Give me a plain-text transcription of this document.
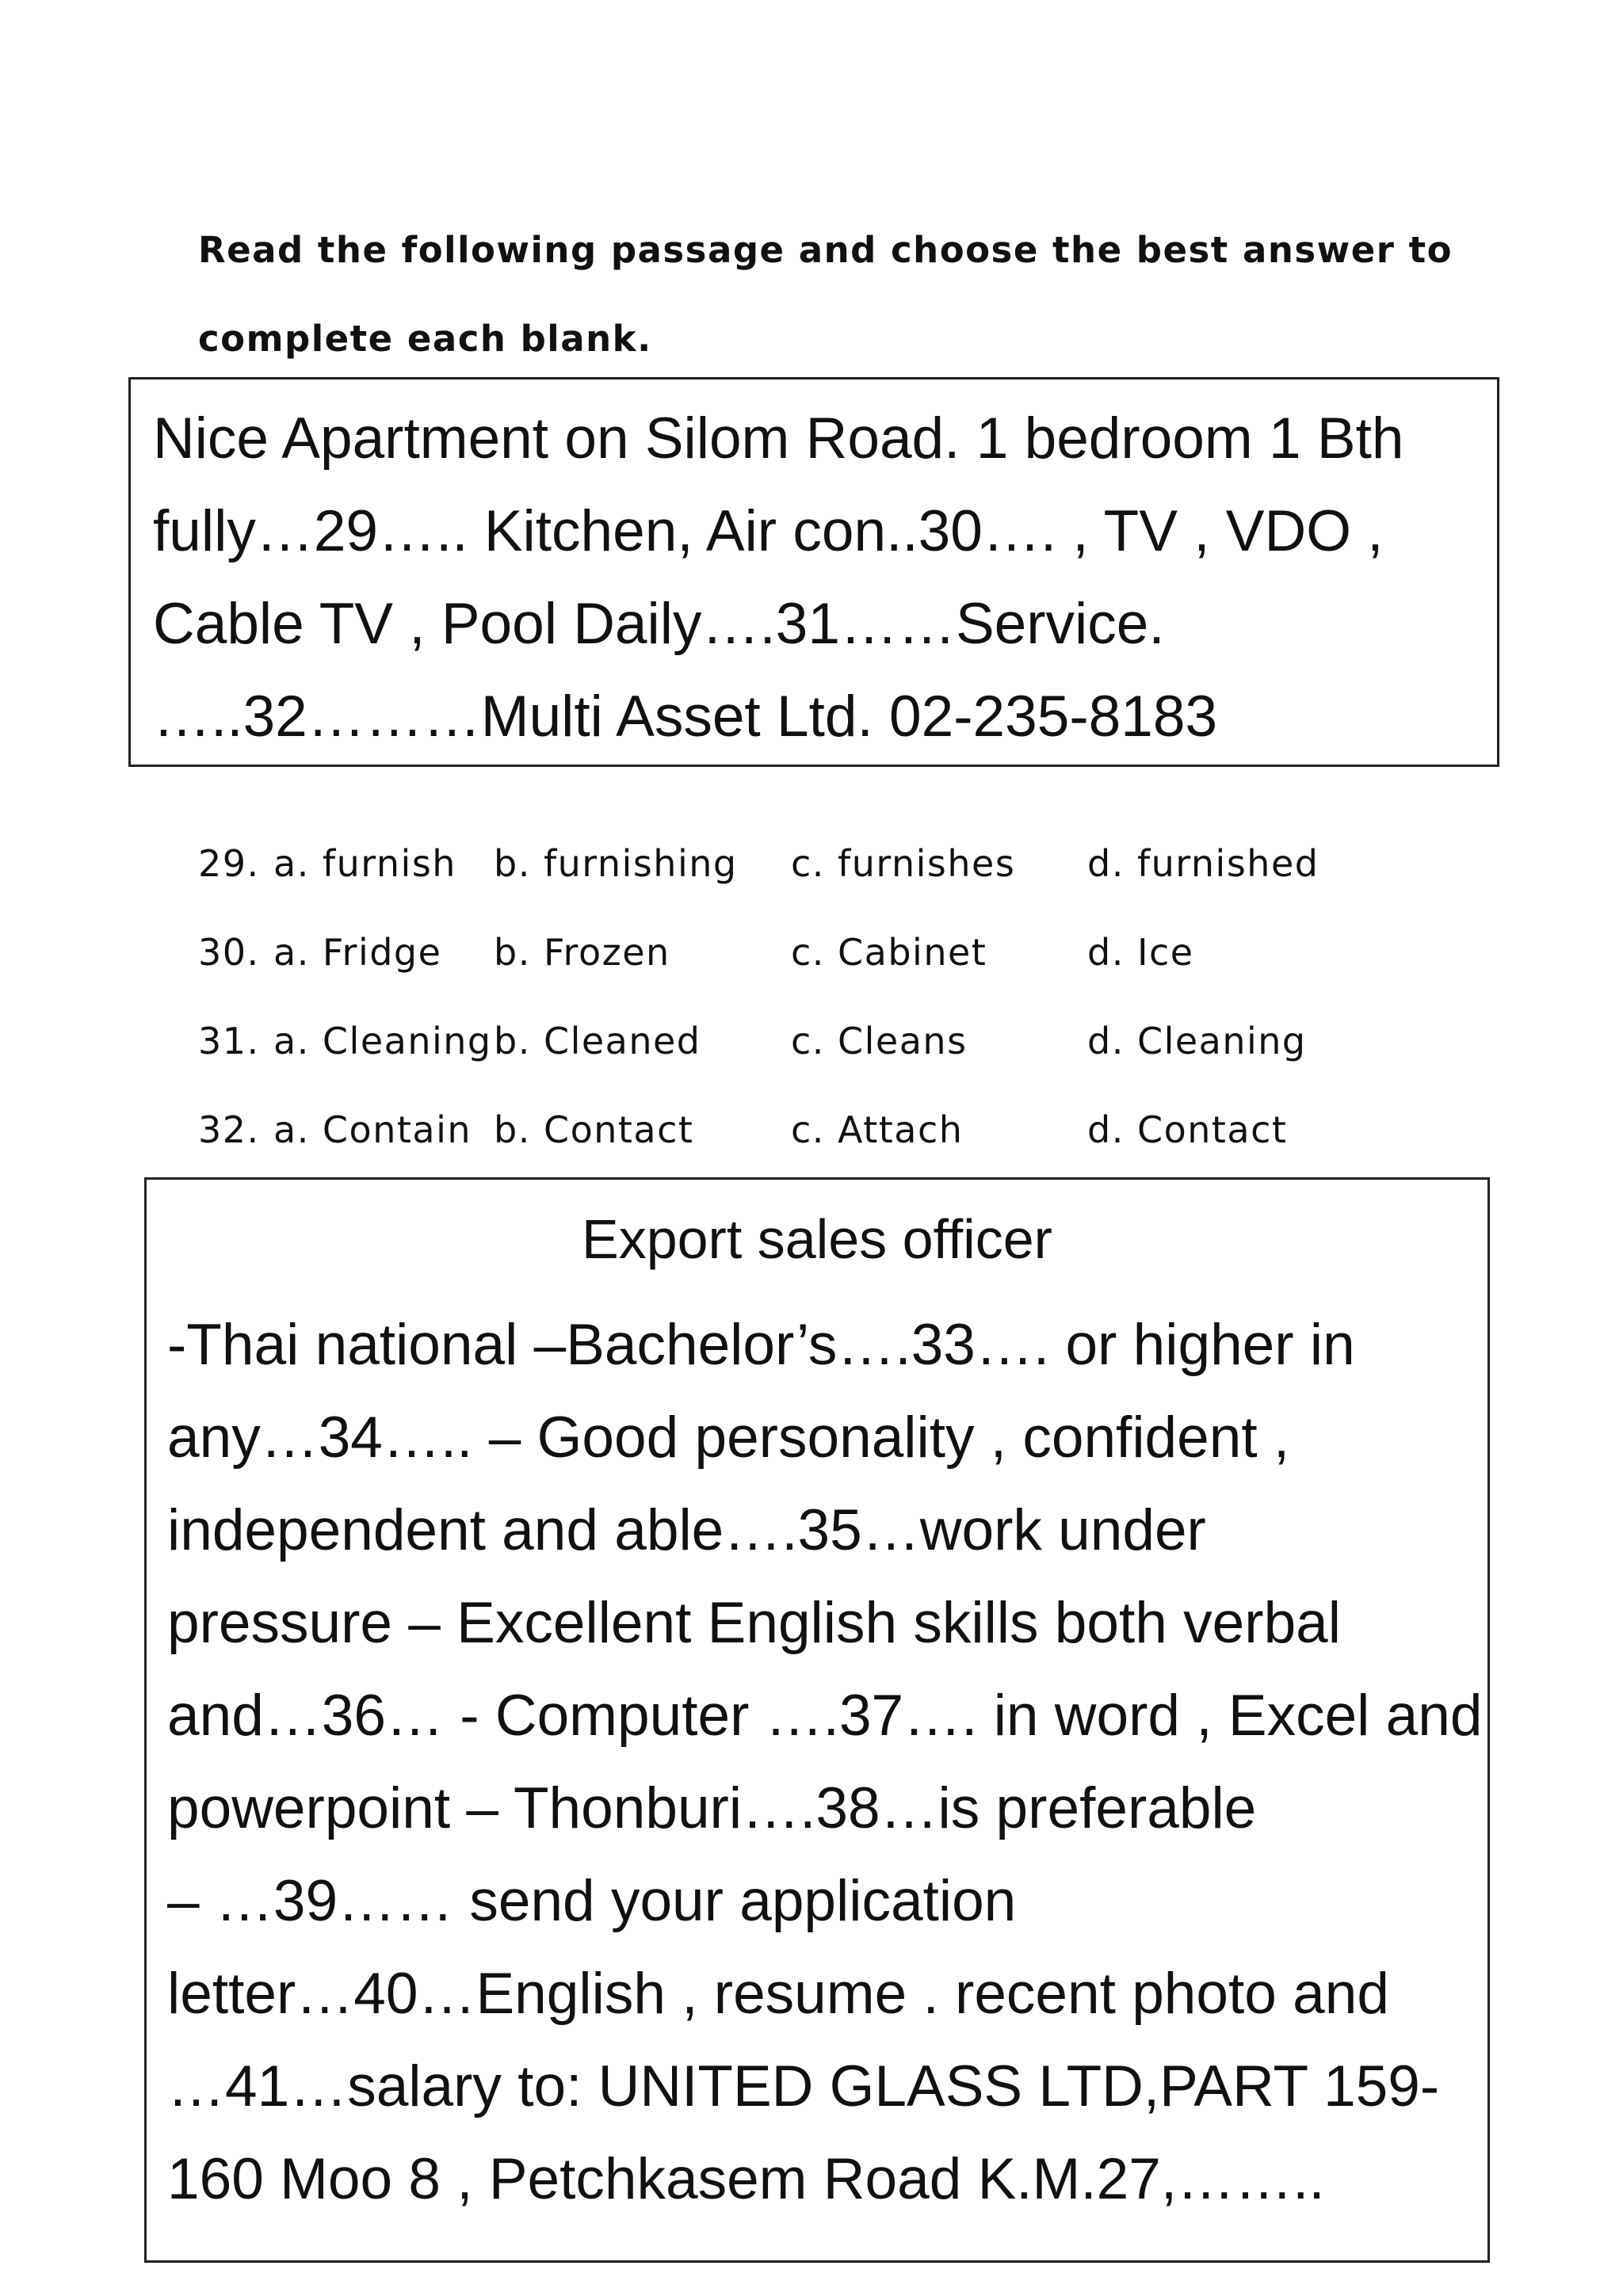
Read the following passage and choose the best answer to
complete each blank.
Nice Apartment on Silom Road. 1 bedroom 1 Bth
fully…29….. Kitchen, Air con..30…. , TV , VDO ,
Cable TV , Pool Daily….31……Service.
…..32………Multi Asset Ltd. 02-235-8183
29. a. furnish b. furnishing c. furnishes d. furnished
30. a. Fridge b. Frozen	c. Cabinet	d. Ice
31. a. Cleaning b. Cleaned c. Cleans	d. Cleaning
32. a. Contain b. Contact	c. Attach	d. Contact
Export sales officer
-Thai national –Bachelor’s….33…. or higher in
any…34….. – Good personality , confident ,
independent and able….35…work under
pressure – Excellent English skills both verbal
and…36… - Computer ….37…. in word , Excel and
powerpoint – Thonburi….38…is preferable
– …39…… send your application
letter…40…English , resume . recent photo and
…41…salary to: UNITED GLASS LTD,PART 159-
160 Moo 8 , Petchkasem Road K.M.27,……..
